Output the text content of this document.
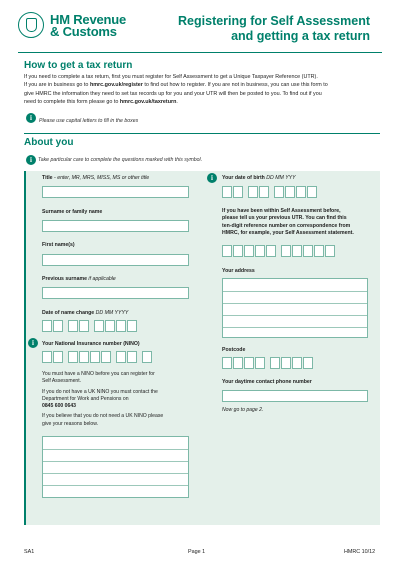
HM Revenue
& Customs
Registering for Self Assessment
and getting a tax return
How to get a tax return
If you need to complete a tax return, first you must register for Self Assessment to get a Unique Taxpayer Reference (UTR).
If you are in business go to hmrc.gov.uk/register to find out how to register. If you are not in business, you can use this form to
give HMRC the information they need to set tax records up for you and your UTR will then be posted to you. To find out if you
need to complete this form please go to hmrc.gov.uk/taxreturn.
i	Please use capital letters to fill in the boxes
About you
i	Take particular care to complete the questions marked with this symbol.
Title - enter, MR, MRS, MISS, MS or other title
Surname or family name
First name(s)
Previous surname if applicable
Date of name change DD MM YYYY
i	Your National Insurance number (NINO)
You must have a NINO before you can register for
Self Assessment.
If you do not have a UK NINO you must contact the
Department for Work and Pensions on
0845 600 0643
If you believe that you do not need a UK NINO please
give your reasons below.
i	Your date of birth DD MM YYY
If you have been within Self Assessment before,
please tell us your previous UTR. You can find this
ten-digit reference number on correspondence from
HMRC, for example, your Self Assessment statement.
Your address
Postcode
Your daytime contact phone number
Now go to page 2.
SA1	Page 1	HMRC 10/12
